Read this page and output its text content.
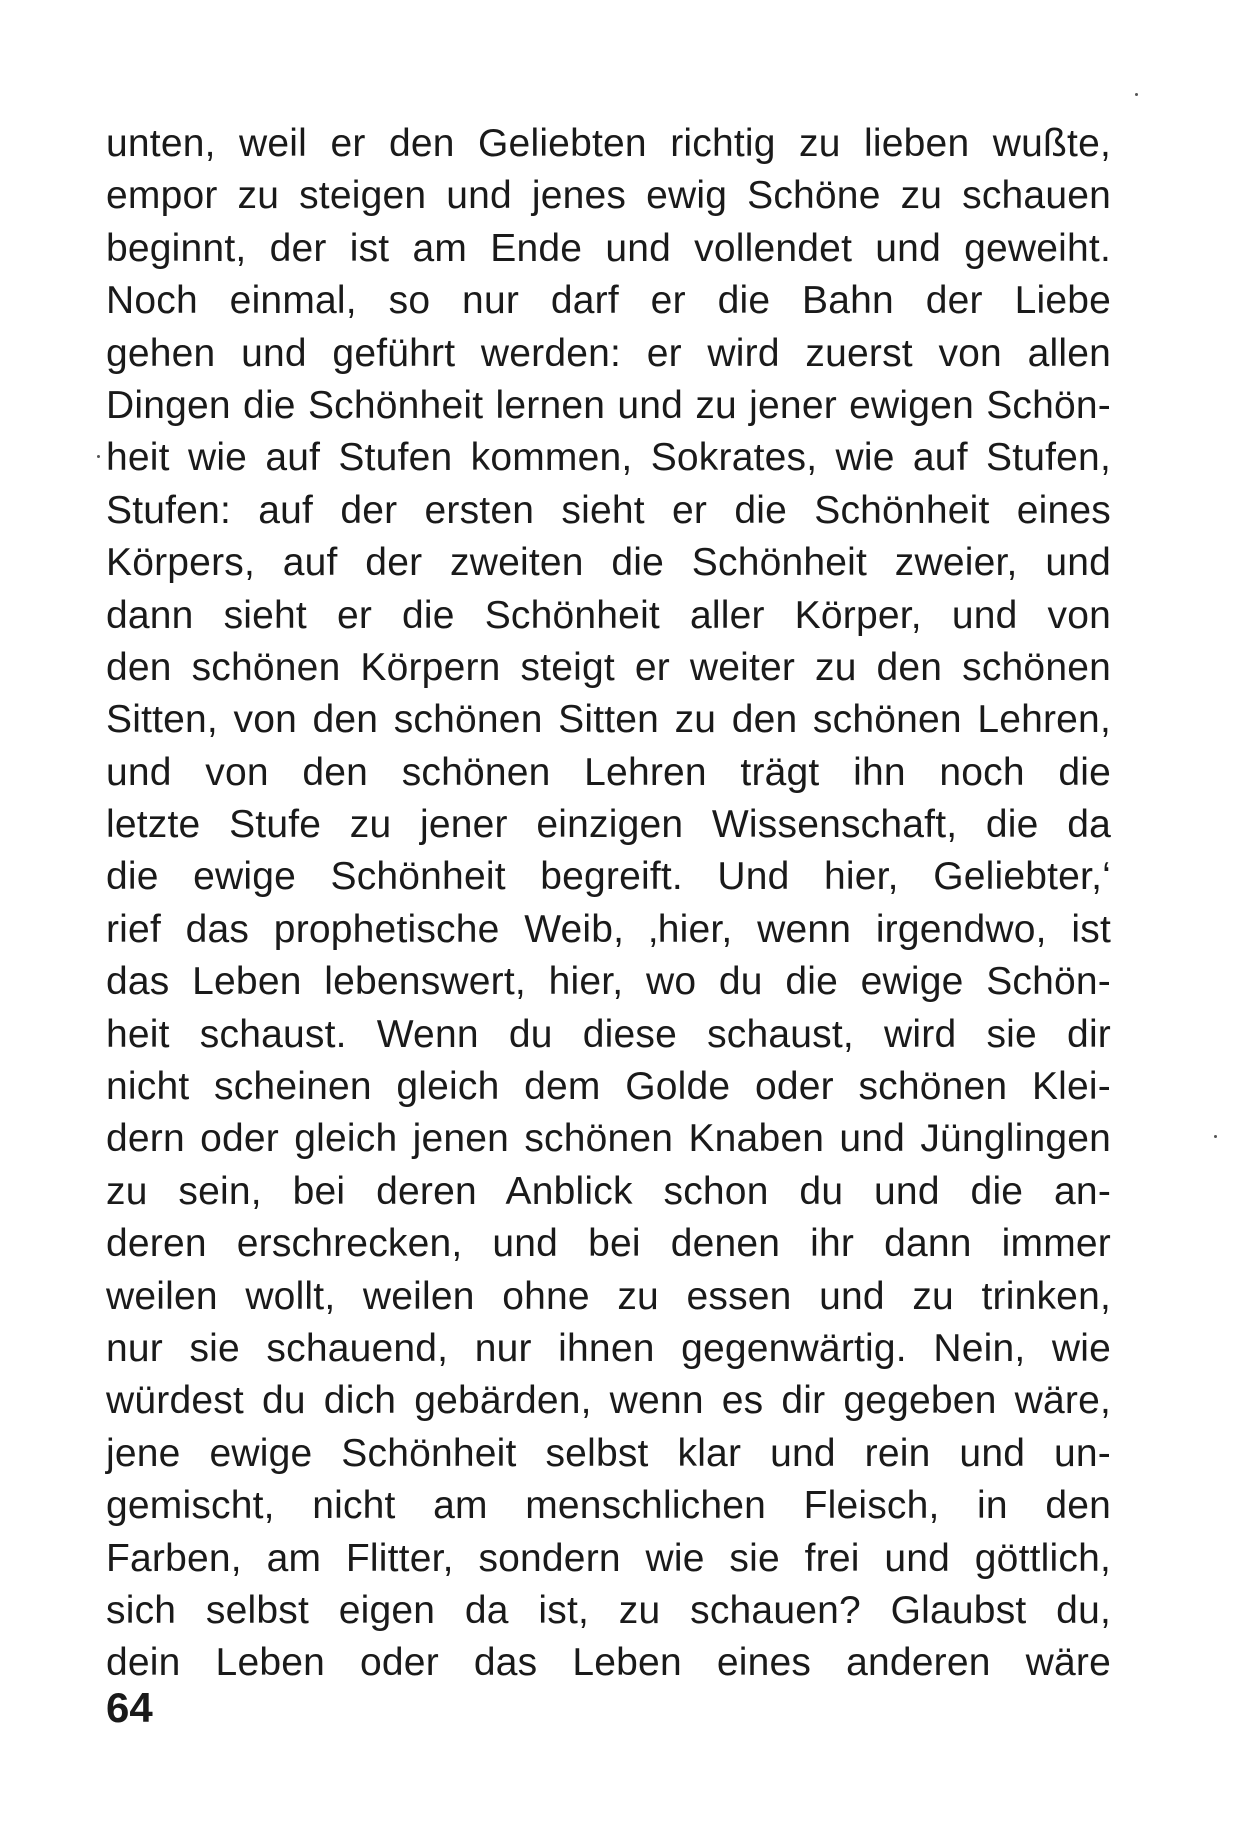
unten, weil er den Geliebten richtig zu lieben wußte,
empor zu steigen und jenes ewig Schöne zu schauen
beginnt, der ist am Ende und vollendet und geweiht.
Noch einmal, so nur darf er die Bahn der Liebe
gehen und geführt werden: er wird zuerst von allen
Dingen die Schönheit lernen und zu jener ewigen Schön-
heit wie auf Stufen kommen, Sokrates, wie auf Stufen,
Stufen: auf der ersten sieht er die Schönheit eines
Körpers, auf der zweiten die Schönheit zweier, und
dann sieht er die Schönheit aller Körper, und von
den schönen Körpern steigt er weiter zu den schönen
Sitten, von den schönen Sitten zu den schönen Lehren,
und von den schönen Lehren trägt ihn noch die
letzte Stufe zu jener einzigen Wissenschaft, die da
die ewige Schönheit begreift. Und hier, Geliebter,‘
rief das prophetische Weib, ‚hier, wenn irgendwo, ist
das Leben lebenswert, hier, wo du die ewige Schön-
heit schaust. Wenn du diese schaust, wird sie dir
nicht scheinen gleich dem Golde oder schönen Klei-
dern oder gleich jenen schönen Knaben und Jünglingen
zu sein, bei deren Anblick schon du und die an-
deren erschrecken, und bei denen ihr dann immer
weilen wollt, weilen ohne zu essen und zu trinken,
nur sie schauend, nur ihnen gegenwärtig. Nein, wie
würdest du dich gebärden, wenn es dir gegeben wäre,
jene ewige Schönheit selbst klar und rein und un-
gemischt, nicht am menschlichen Fleisch, in den
Farben, am Flitter, sondern wie sie frei und göttlich,
sich selbst eigen da ist, zu schauen? Glaubst du,
dein Leben oder das Leben eines anderen wäre
64
